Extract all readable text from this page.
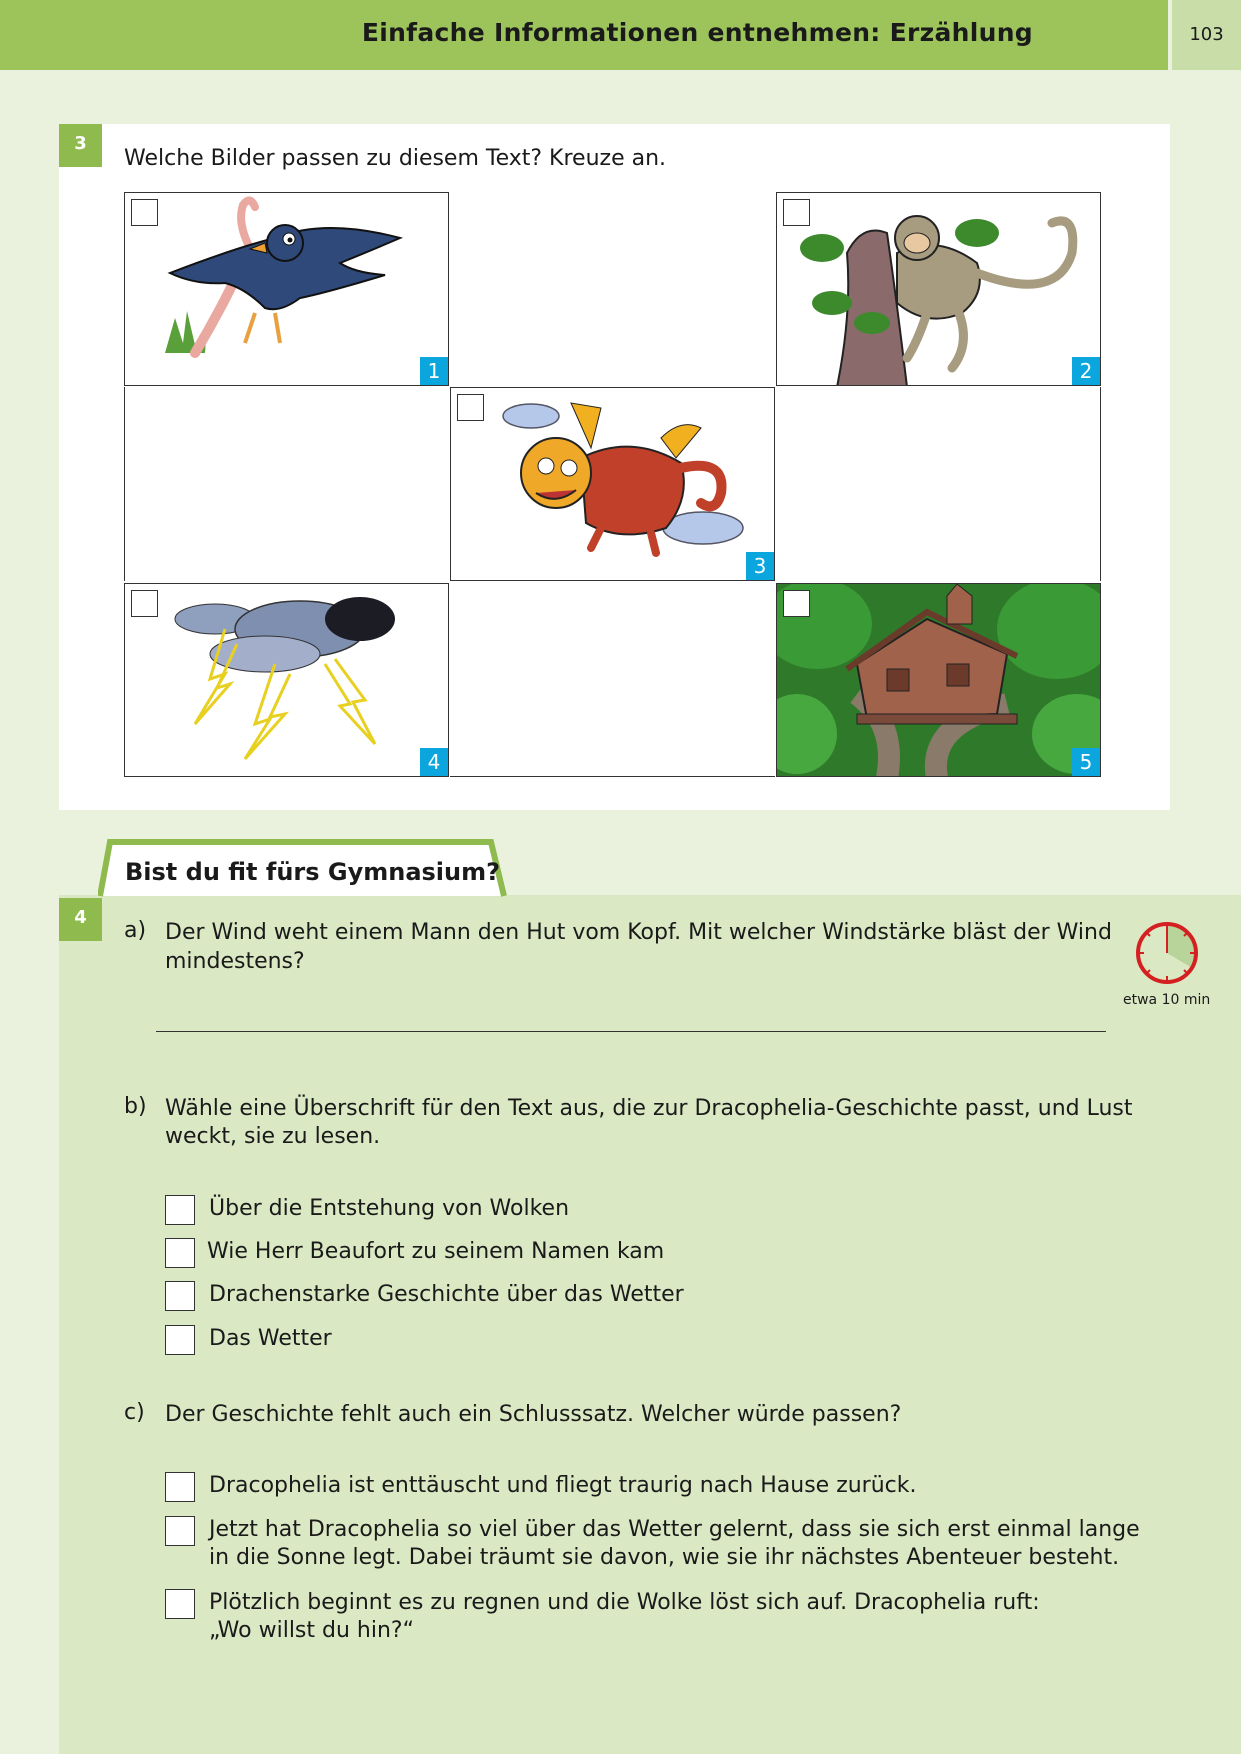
Einfache Informationen entnehmen: Erzählung	103
3
Welche Bilder passen zu diesem Text? Kreuze an.
1	2
3
4	5
Bist du fit fürs Gymnasium?
4
etwa 10 min
a) Der Wind weht einem Mann den Hut vom Kopf. Mit welcher Windstärke bläst der Wind
mindestens?
b) Wähle eine Überschrift für den Text aus, die zur Dracophelia-Geschichte passt, und Lust
weckt, sie zu lesen.
Über die Entstehung von Wolken
Wie Herr Beaufort zu seinem Namen kam
Drachenstarke Geschichte über das Wetter
Das Wetter
c) Der Geschichte fehlt auch ein Schlusssatz. Welcher würde passen?
Dracophelia ist enttäuscht und fliegt traurig nach Hause zurück.
Jetzt hat Dracophelia so viel über das Wetter gelernt, dass sie sich erst einmal lange
in die Sonne legt. Dabei träumt sie davon, wie sie ihr nächstes Abenteuer besteht.
Plötzlich beginnt es zu regnen und die Wolke löst sich auf. Dracophelia ruft:
„Wo willst du hin?“
